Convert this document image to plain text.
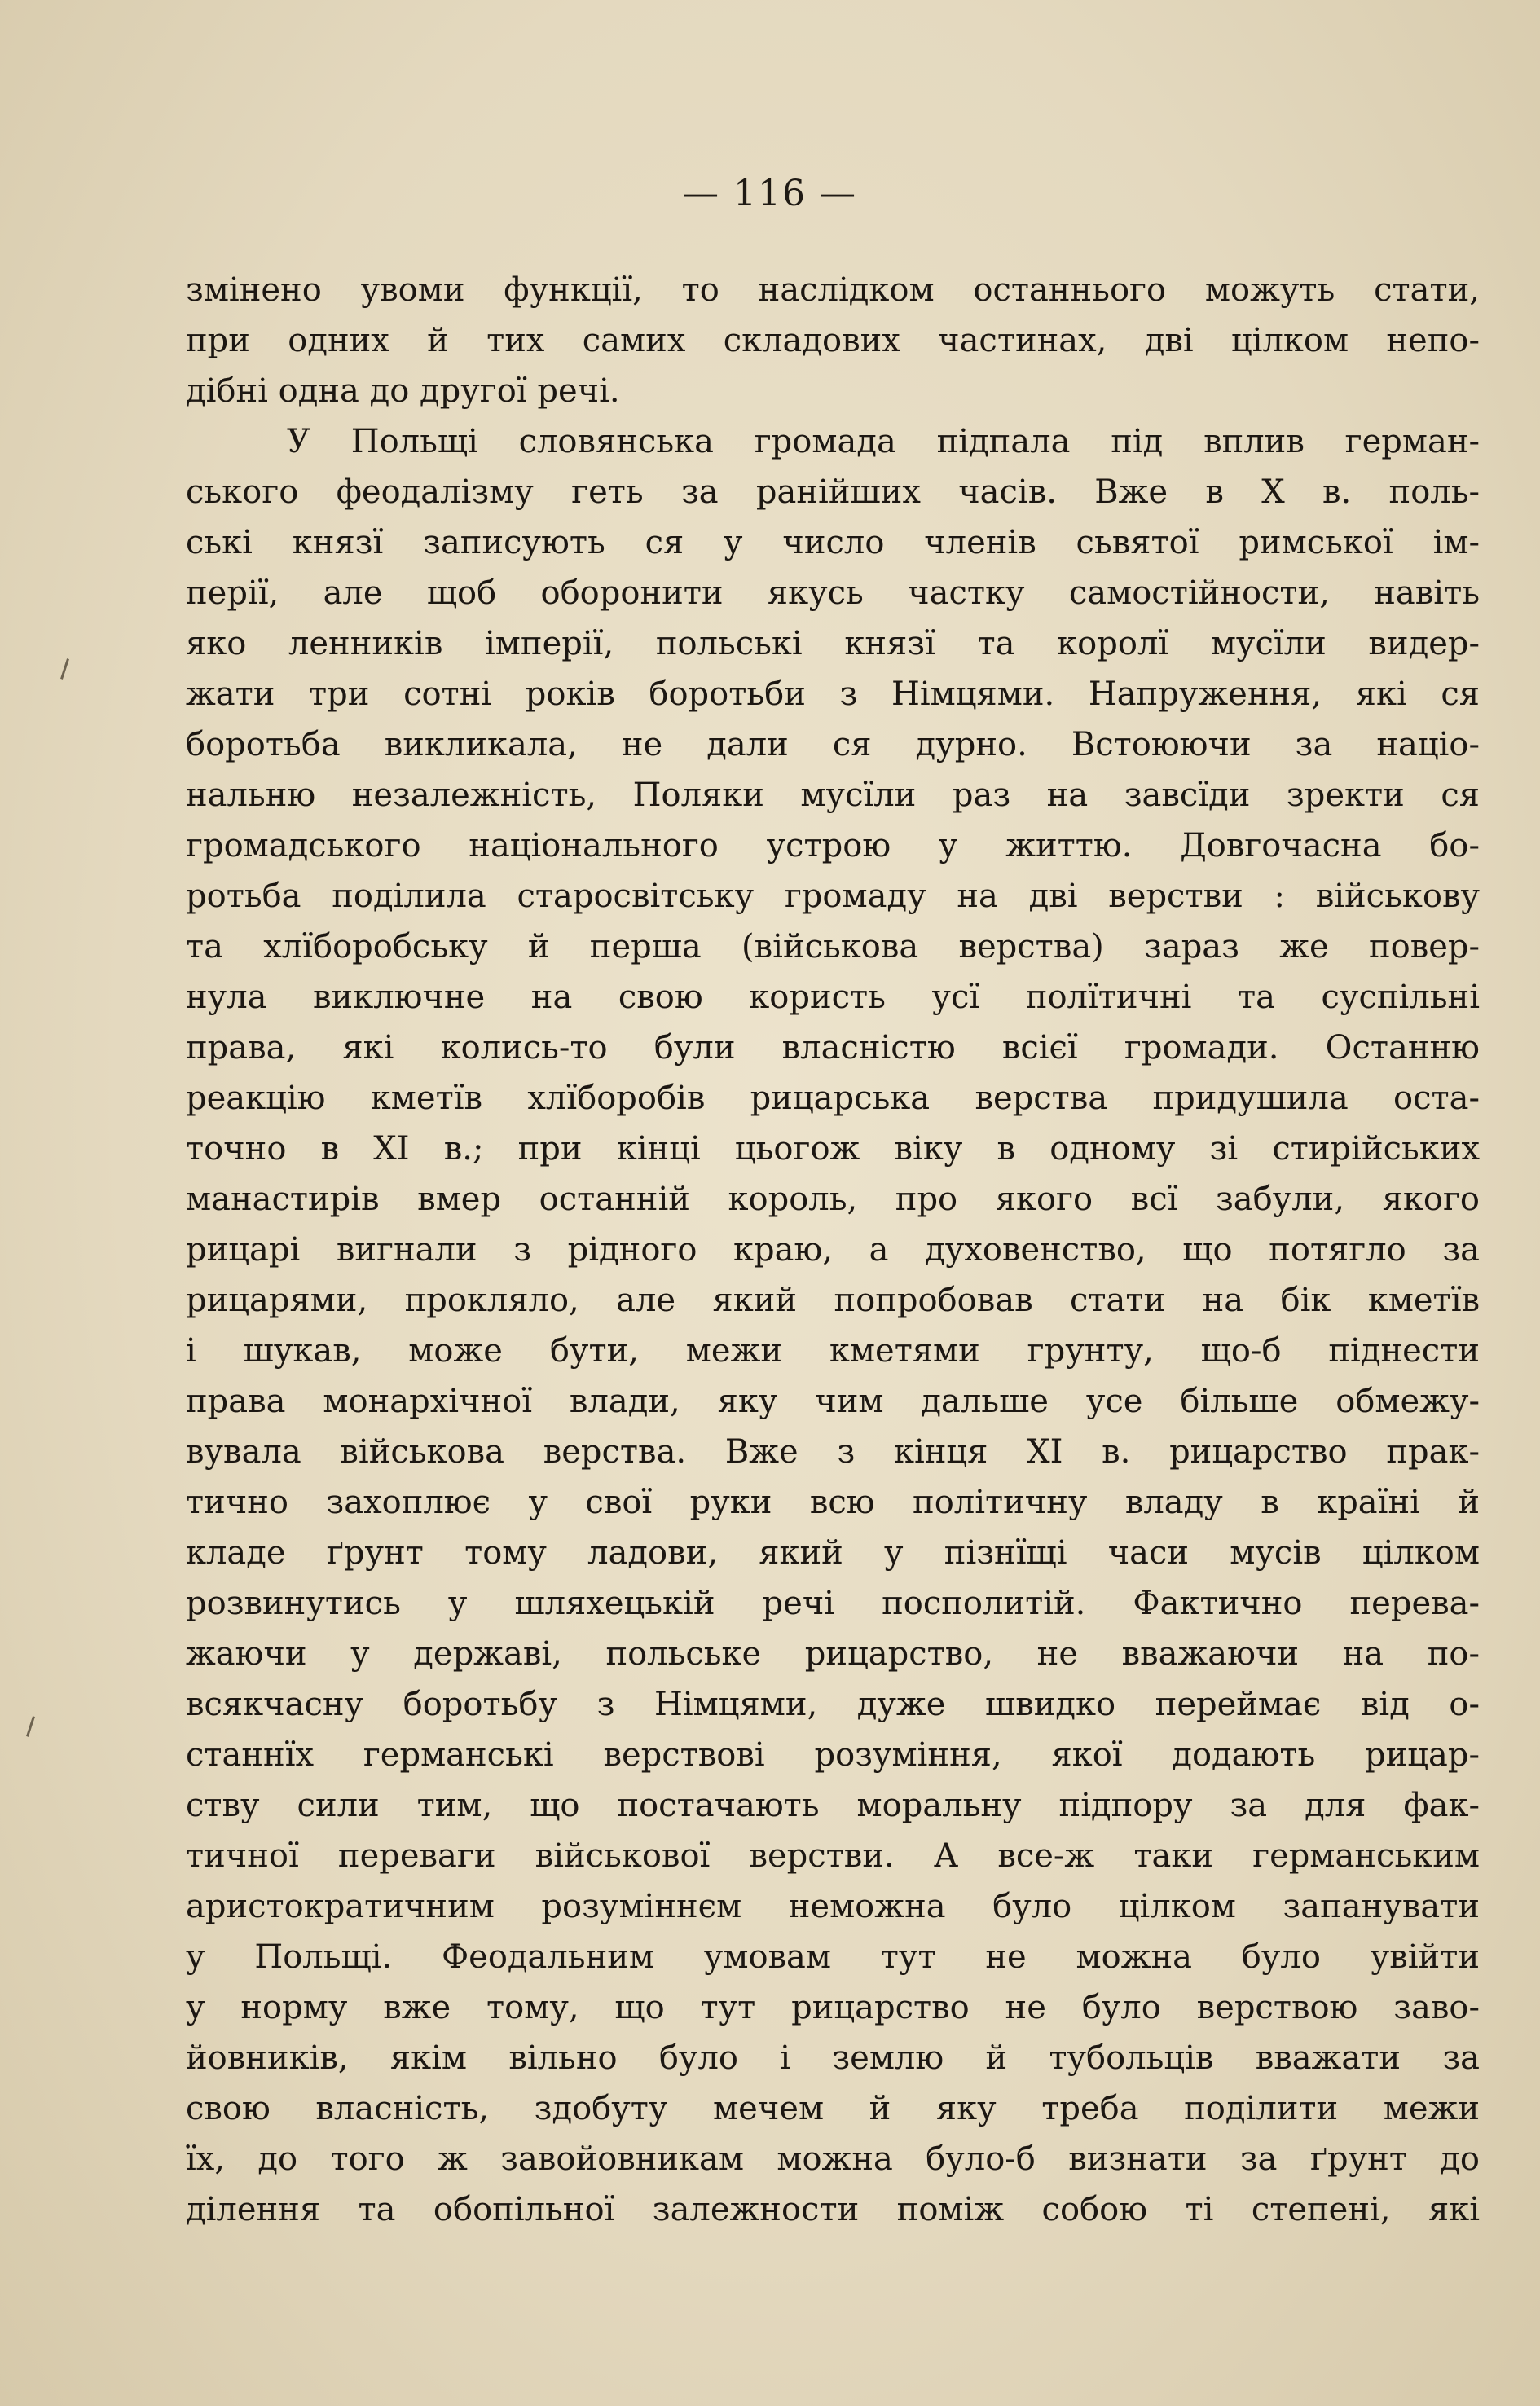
— 116 —
змінено увоми функції, то наслідком останнього можуть стати,
при одних й тих самих складових частинах, дві цілком непо-
дібні одна до другої речі.
У Польщі словянська громада підпала під вплив герман-
ського феодалізму геть за ранійших часів. Вже в X в. поль-
ські князї записують ся у число членів сьвятої римської ім-
перії, але щоб оборонити якусь частку самостійности, навіть
яко ленників імперії, польські князї та королї мусїли видер-
жати три сотні років боротьби з Німцями. Напруження, які ся
боротьба викликала, не дали ся дурно. Встоюючи за націо-
нальню незалежність, Поляки мусїли раз на завсїди зректи ся
громадського національного устрою у життю. Довгочасна бо-
ротьба поділила старосвітську громаду на дві верстви : військову
та хлїборобську й перша (військова верства) зараз же повер-
нула виключне на свою користь усї полїтичні та суспільні
права, які колись-то були власністю всієї громади. Останню
реакцію кметїв хлїборобів рицарська верства придушила оста-
точно в XI в.; при кінці цьогож віку в одному зі стирійських
манастирів вмер останній король, про якого всї забули, якого
рицарі вигнали з рідного краю, а духовенство, що потягло за
рицарями, прокляло, але який попробовав стати на бік кметїв
і шукав, може бути, межи кметями грунту, що-б піднести
права монархічної влади, яку чим дальше усе більше обмежу-
вувала військова верства. Вже з кінця XI в. рицарство прак-
тично захоплює у свої руки всю політичну владу в країні й
кладе ґрунт тому ладови, який у пізнїщі часи мусів цілком
розвинутись у шляхецькій речі посполитій. Фактично перева-
жаючи у державі, польське рицарство, не вважаючи на по-
всякчасну боротьбу з Німцями, дуже швидко переймає від о-
станнїх германські верствові розуміння, якої додають рицар-
ству сили тим, що постачають моральну підпору за для фак-
тичної переваги військової верстви. А все-ж таки германським
аристократичним розуміннєм неможна було цілком запанувати
у Польщі. Феодальним умовам тут не можна було увійти
у норму вже тому, що тут рицарство не було верствою заво-
йовників, якім вільно було і землю й тубольців вважати за
свою власність, здобуту мечем й яку треба поділити межи
їх, до того ж завойовникам можна було-б визнати за ґрунт до
ділення та обопільної залежности поміж собою ті степені, які
